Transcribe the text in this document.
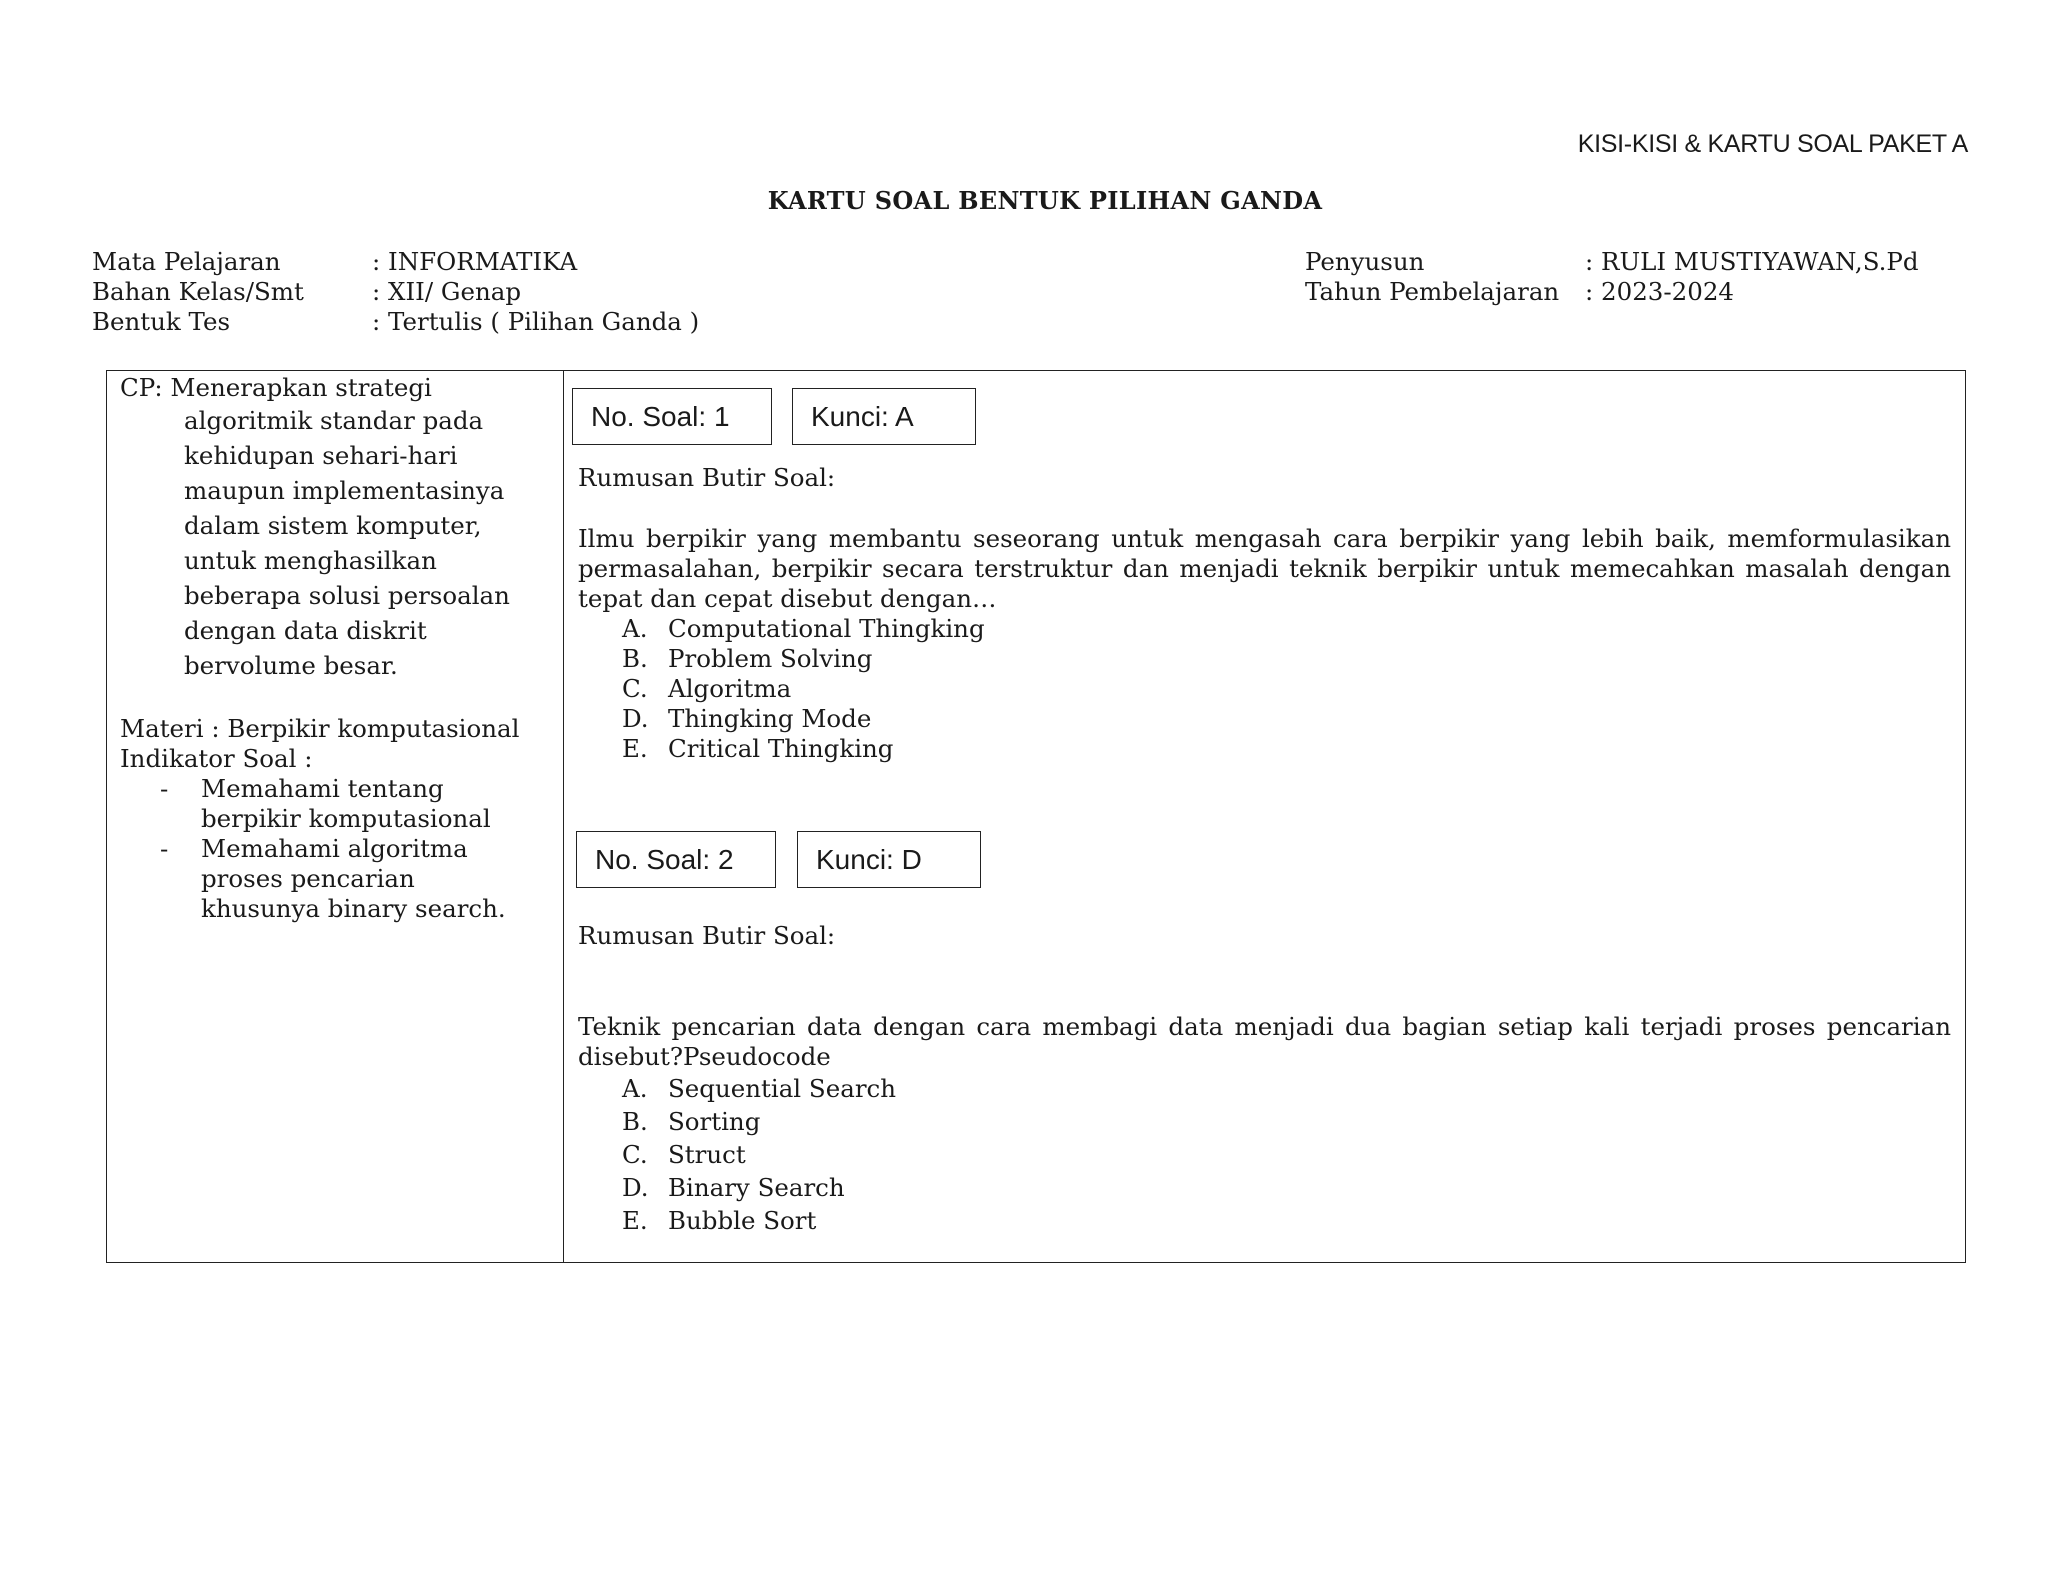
KISI-KISI & KARTU SOAL PAKET A
KARTU SOAL BENTUK PILIHAN GANDA
Mata Pelajaran	: INFORMATIKA
Bahan Kelas/Smt	: XII/ Genap
Bentuk Tes	: Tertulis ( Pilihan Ganda )
Penyusun	: RULI MUSTIYAWAN,S.Pd
Tahun Pembelajaran	: 2023-2024
CP: Menerapkan strategi
algoritmik standar pada
kehidupan sehari-hari
maupun implementasinya
dalam sistem komputer,
untuk menghasilkan
beberapa solusi persoalan
dengan data diskrit
bervolume besar.
Materi : Berpikir komputasional
Indikator Soal :
-	Memahami tentang berpikir komputasional
-	Memahami algoritma proses pencarian khusunya binary search.
No. Soal: 1	Kunci: A
Rumusan Butir Soal:
Ilmu berpikir yang membantu seseorang untuk mengasah cara berpikir yang lebih baik, memformulasikan permasalahan, berpikir secara terstruktur dan menjadi teknik berpikir untuk memecahkan masalah dengan tepat dan cepat disebut dengan…
A. Computational Thingking
B. Problem Solving
C. Algoritma
D. Thingking Mode
E. Critical Thingking
No. Soal: 2	Kunci: D
Rumusan Butir Soal:
Teknik pencarian data dengan cara membagi data menjadi dua bagian setiap kali terjadi proses pencarian disebut?Pseudocode
A. Sequential Search
B. Sorting
C. Struct
D. Binary Search
E. Bubble Sort
